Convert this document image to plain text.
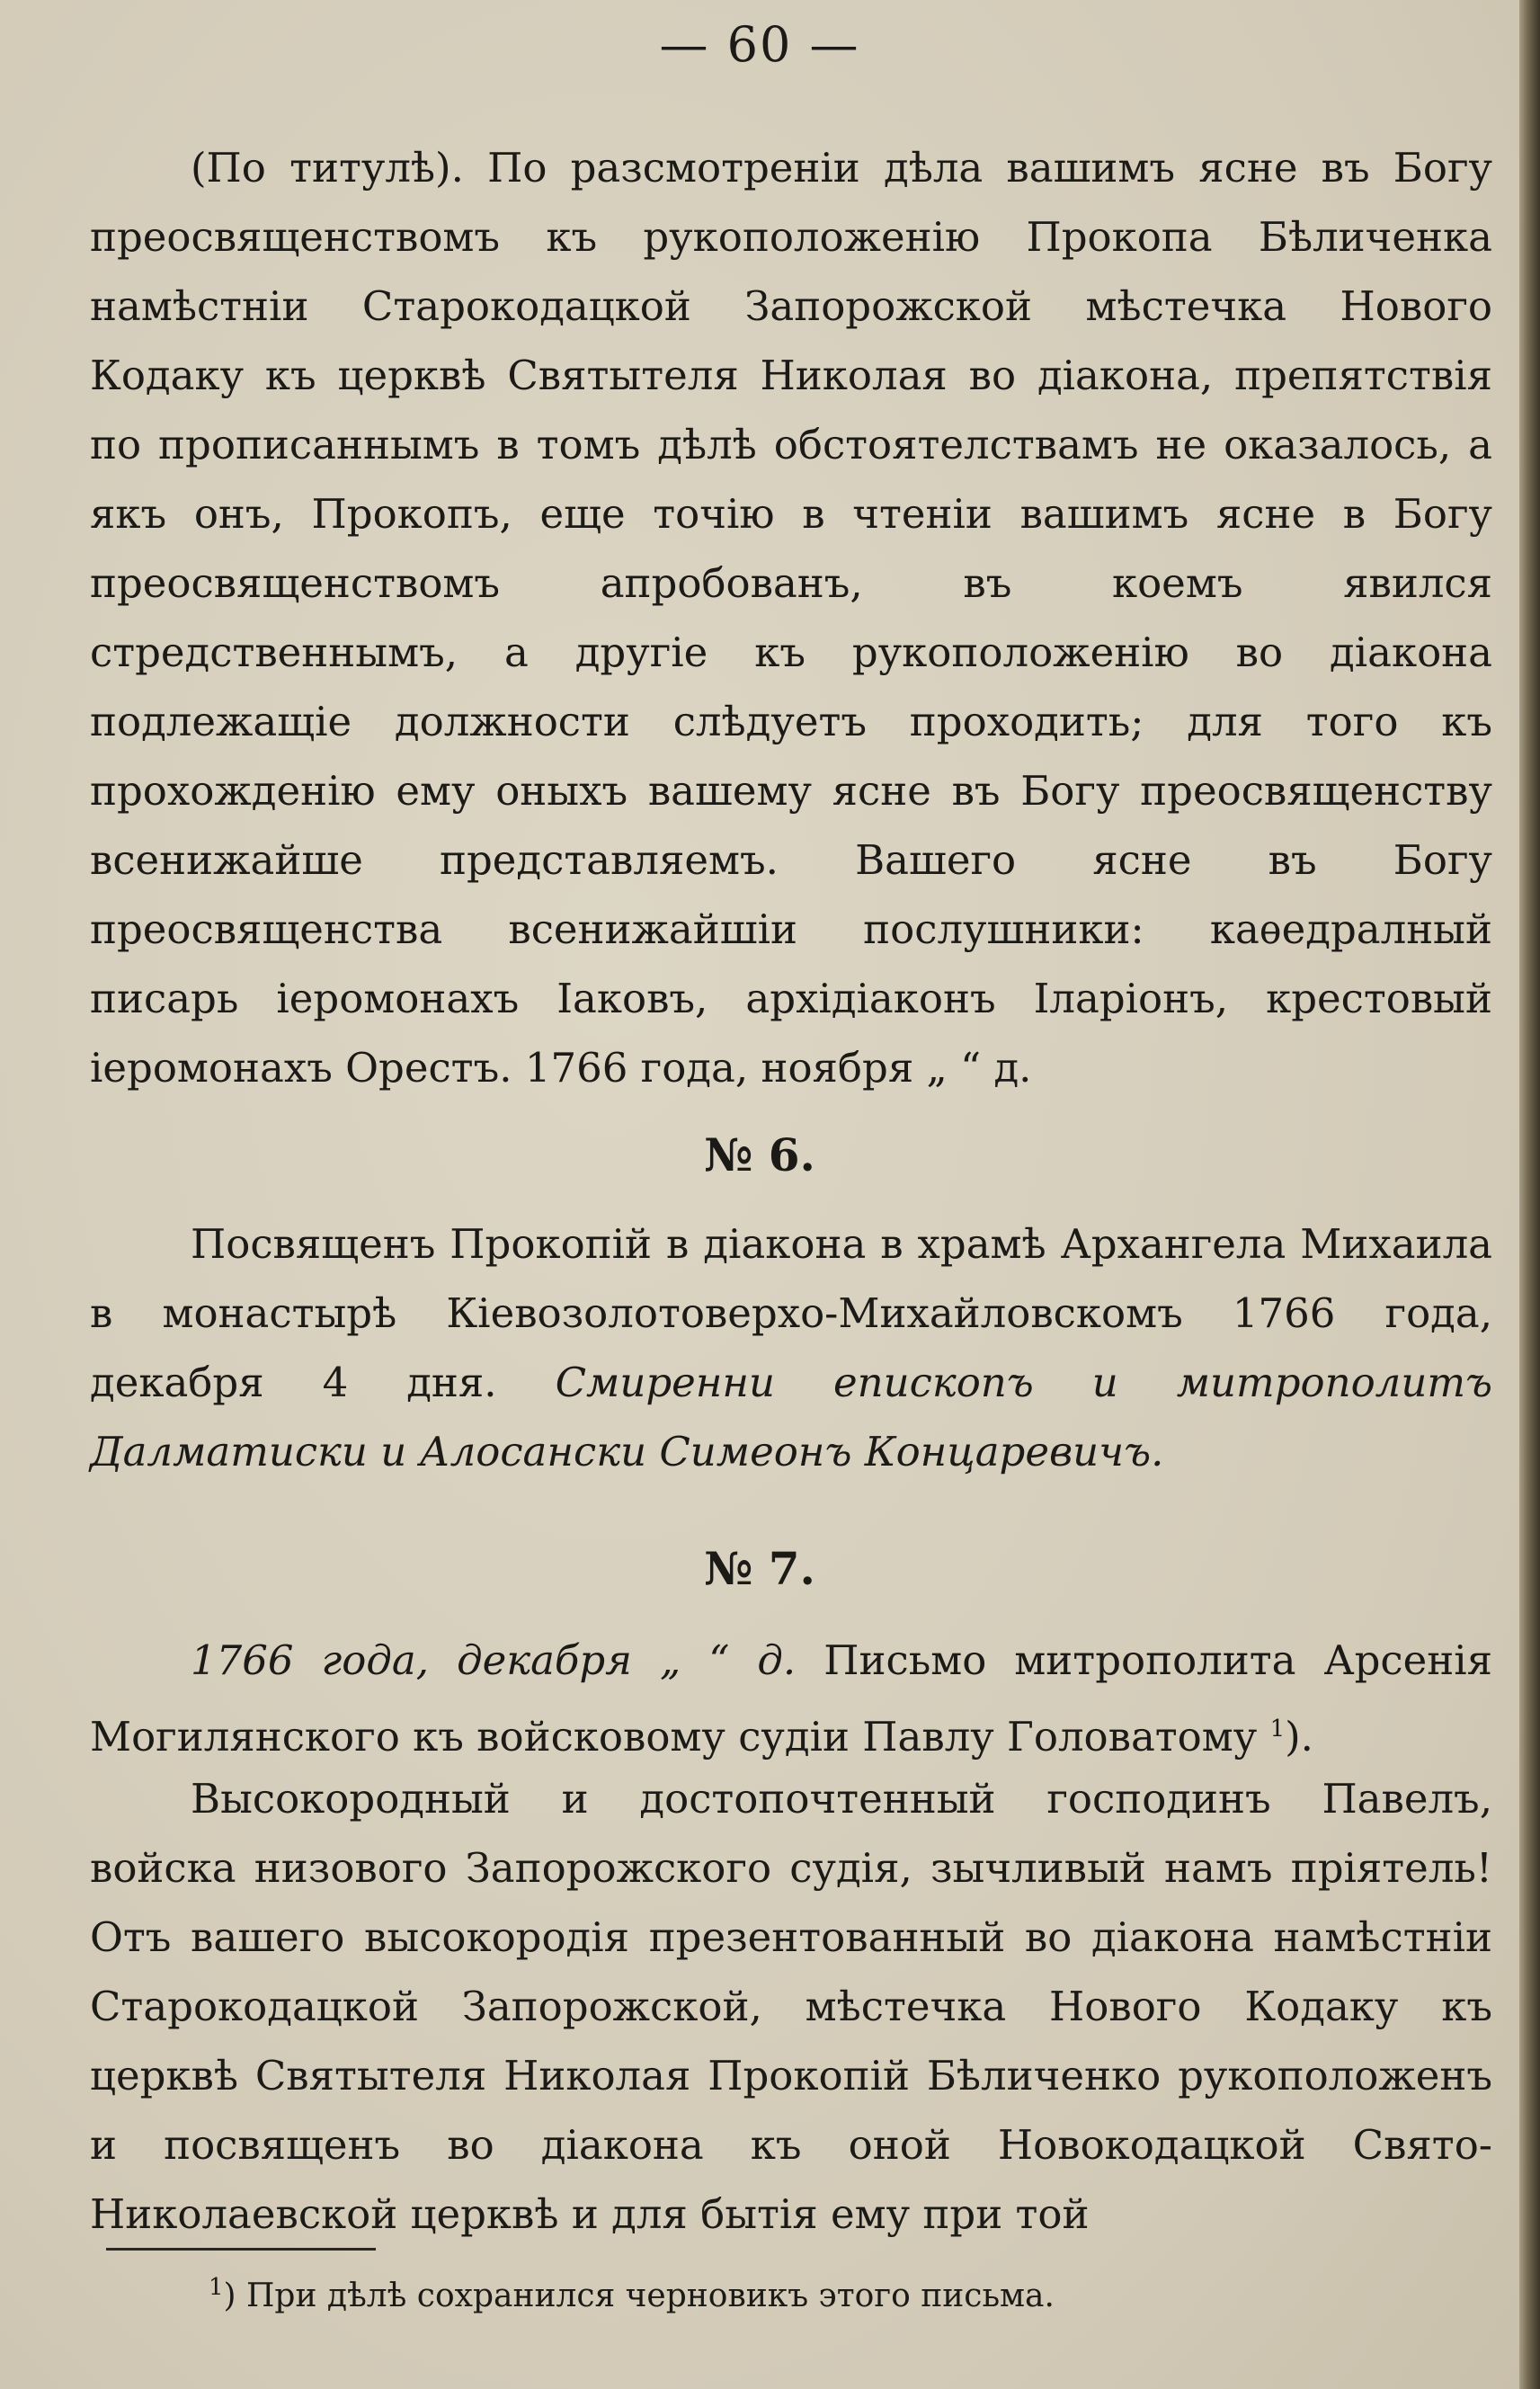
— 60 —
(По титулѣ). По разсмотренiи дѣла вашимъ ясне въ Богу преосвященствомъ къ рукоположенiю Прокопа Бѣличенка намѣстнiи Старокодацкой Запорожской мѣстечка Нового Кодаку къ церквѣ Святытеля Николая во дiакона, препятствiя по прописаннымъ в томъ дѣлѣ обстоятелствамъ не оказалось, а якъ онъ, Прокопъ, еще точiю в чтенiи вашимъ ясне в Богу преосвященствомъ апробованъ, въ коемъ явился стредственнымъ, а другiе къ рукоположенiю во дiакона подлежащiе должности слѣдуетъ проходить; для того къ прохожденiю ему оныхъ вашему ясне въ Богу преосвященству всенижайше представляемъ. Вашего ясне въ Богу преосвященства всенижайшiи послушники: каѳедралный писарь iеромонахъ Iаковъ, архiдiаконъ Iларiонъ, крестовый iеромонахъ Орестъ. 1766 года, ноября „ “ д.
№ 6.
Посвященъ Прокопiй в дiакона в храмѣ Архангела Михаила в монастырѣ Кiевозолотоверхо-Михайловскомъ 1766 года, декабря 4 дня. Смиренни епископъ и митрополитъ Далматиски и Алосански Симеонъ Концаревичъ.
№ 7.
1766 года, декабря „ “ д. Письмо митрополита Арсенiя Могилянского къ войсковому судiи Павлу Головатому $^1$).
Высокородный и достопочтенный господинъ Павелъ, войска низового Запорожского судiя, зычливый намъ прiятель! Отъ вашего высокородiя презентованный во дiакона намѣстнiи Старокодацкой Запорожской, мѣстечка Нового Кодаку къ церквѣ Святытеля Николая Прокопiй Бѣличенко рукоположенъ и посвященъ во дiакона къ оной Новокодацкой Свято-Николаевской церквѣ и для бытiя ему при той
$^1$) При дѣлѣ сохранился черновикъ этого письма.
